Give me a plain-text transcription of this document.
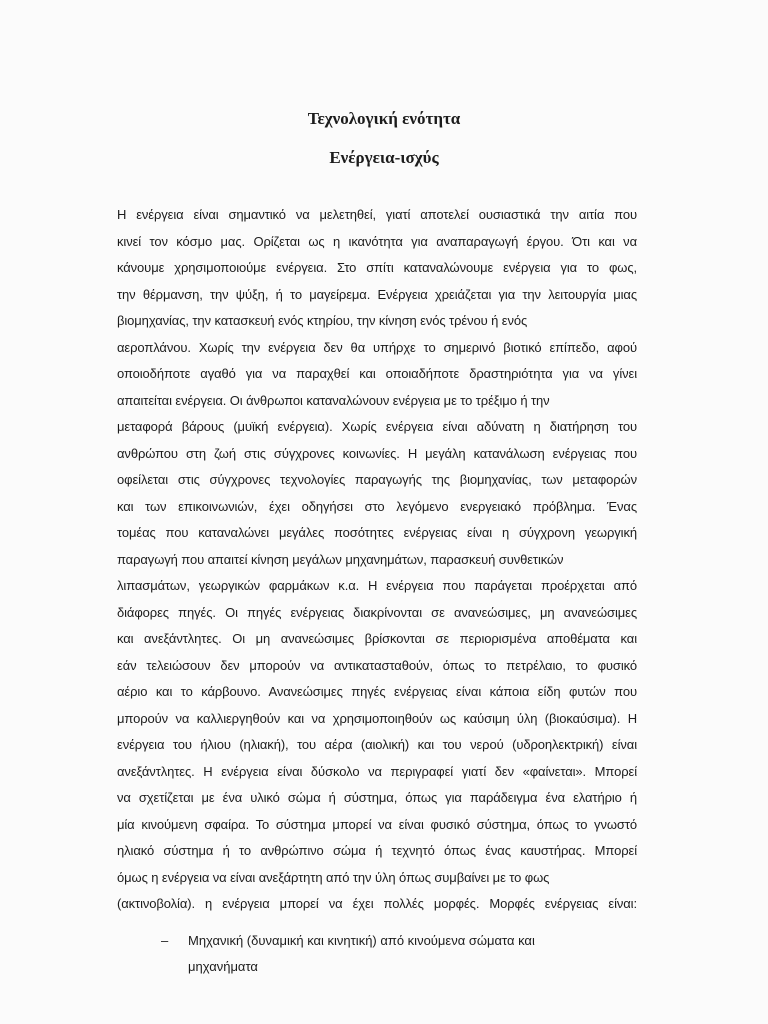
Τεχνολογική ενότητα
Ενέργεια-ισχύς
Η ενέργεια είναι σημαντικό να μελετηθεί, γιατί αποτελεί ουσιαστικά την αιτία που
κινεί τον κόσμο μας. Ορίζεται ως η ικανότητα για αναπαραγωγή έργου. Ότι και να
κάνουμε χρησιμοποιούμε ενέργεια. Στο σπίτι καταναλώνουμε ενέργεια για το φως,
την θέρμανση, την ψύξη, ή το μαγείρεμα. Ενέργεια χρειάζεται για την λειτουργία μιας
βιομηχανίας, την κατασκευή ενός κτηρίου, την κίνηση ενός τρένου ή ενός
αεροπλάνου. Χωρίς την ενέργεια δεν θα υπήρχε το σημερινό βιοτικό επίπεδο, αφού
οποιοδήποτε αγαθό για να παραχθεί και οποιαδήποτε δραστηριότητα για να γίνει
απαιτείται ενέργεια. Οι άνθρωποι καταναλώνουν ενέργεια με το τρέξιμο ή την
μεταφορά βάρους (μυϊκή ενέργεια). Χωρίς ενέργεια είναι αδύνατη η διατήρηση του
ανθρώπου στη ζωή στις σύγχρονες κοινωνίες. Η μεγάλη κατανάλωση ενέργειας που
οφείλεται στις σύγχρονες τεχνολογίες παραγωγής της βιομηχανίας, των μεταφορών
και των επικοινωνιών, έχει οδηγήσει στο λεγόμενο ενεργειακό πρόβλημα. Ένας
τομέας που καταναλώνει μεγάλες ποσότητες ενέργειας είναι η σύγχρονη γεωργική
παραγωγή που απαιτεί κίνηση μεγάλων μηχανημάτων, παρασκευή συνθετικών
λιπασμάτων, γεωργικών φαρμάκων κ.α. Η ενέργεια που παράγεται προέρχεται από
διάφορες πηγές. Οι πηγές ενέργειας διακρίνονται σε ανανεώσιμες, μη ανανεώσιμες
και ανεξάντλητες. Οι μη ανανεώσιμες βρίσκονται σε περιορισμένα αποθέματα και
εάν τελειώσουν δεν μπορούν να αντικατασταθούν, όπως το πετρέλαιο, το φυσικό
αέριο και το κάρβουνο. Ανανεώσιμες πηγές ενέργειας είναι κάποια είδη φυτών που
μπορούν να καλλιεργηθούν και να χρησιμοποιηθούν ως καύσιμη ύλη (βιοκαύσιμα). Η
ενέργεια του ήλιου (ηλιακή), του αέρα (αιολική) και του νερού (υδροηλεκτρική) είναι
ανεξάντλητες. Η ενέργεια είναι δύσκολο να περιγραφεί γιατί δεν «φαίνεται». Μπορεί
να σχετίζεται με ένα υλικό σώμα ή σύστημα, όπως για παράδειγμα ένα ελατήριο ή
μία κινούμενη σφαίρα. Το σύστημα μπορεί να είναι φυσικό σύστημα, όπως το γνωστό
ηλιακό σύστημα ή το ανθρώπινο σώμα ή τεχνητό όπως ένας καυστήρας. Μπορεί
όμως η ενέργεια να είναι ανεξάρτητη από την ύλη όπως συμβαίνει με το φως
(ακτινοβολία). η ενέργεια μπορεί να έχει πολλές μορφές. Μορφές ενέργειας είναι:
– Μηχανική (δυναμική και κινητική) από κινούμενα σώματα και
μηχανήματα
